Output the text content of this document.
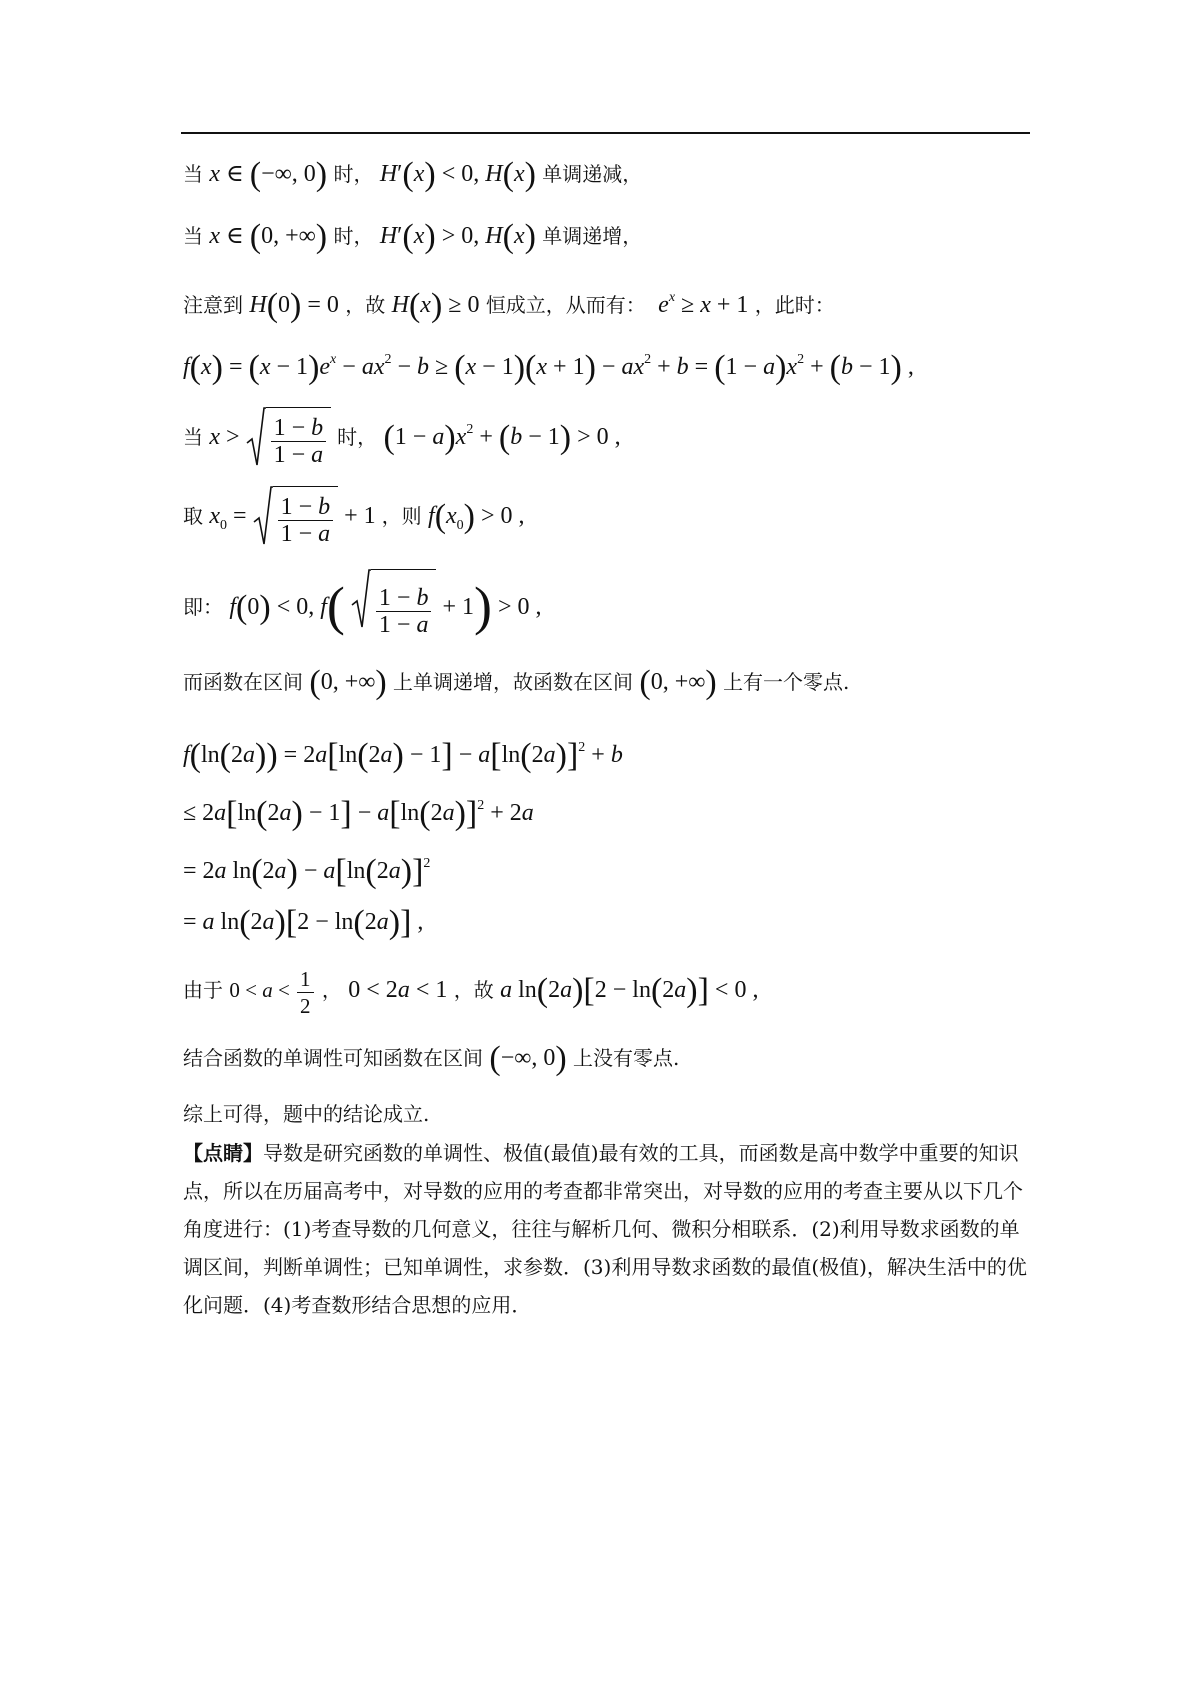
当 x ∈ (−∞, 0) 时， H′(x) < 0, H(x) 单调递减，
当 x ∈ (0, +∞) 时， H′(x) > 0, H(x) 单调递增，
注意到 H(0) = 0 ，故 H(x) ≥ 0 恒成立，从而有： $e^x \ge x + 1$ ，此时：
$f(x) = (x - 1)e^x - ax^2 - b \ge (x - 1)(x + 1) - ax^2 + b = (1 - a)x^2 + (b - 1)$ ,
当 $x > \frac{1 - b}{1 - a}$ 时， $(1 - a)x^2 + (b - 1) > 0$ ,
取 $x_0 = \frac{1 - b}{1 - a} + 1$ ，则 $f(x_0) > 0$ ,
即： f(0) < 0, $f( \frac{1 - b}{1 - a} + 1) > 0$ ,
而函数在区间 (0, +∞) 上单调递增，故函数在区间 (0, +∞) 上有一个零点.
$f(\ln(2a)) = 2a[\ln(2a) - 1] - a[\ln(2a)]^2 + b$
≤ $2a[\ln(2a) - 1] - a[\ln(2a)]^2 + 2a$
= 2a $\ln(2a) - a[\ln(2a)]^2$
= a ln(2a)[2 − ln(2a)] ,
由于 $0 < a < \frac{1}{2}$ ， 0 < 2a < 1 ，故 a ln(2a)[2 − ln(2a)] < 0 ,
结合函数的单调性可知函数在区间 (−∞, 0) 上没有零点.
综上可得，题中的结论成立.
【点睛】导数是研究函数的单调性、极值(最值)最有效的工具，而函数是高中数学中重要的知识点，所以在历届高考中，对导数的应用的考查都非常突出，对导数的应用的考查主要从以下几个角度进行：(1)考查导数的几何意义，往往与解析几何、微积分相联系．(2)利用导数求函数的单调区间，判断单调性；已知单调性，求参数．(3)利用导数求函数的最值(极值)，解决生活中的优化问题．(4)考查数形结合思想的应用．
